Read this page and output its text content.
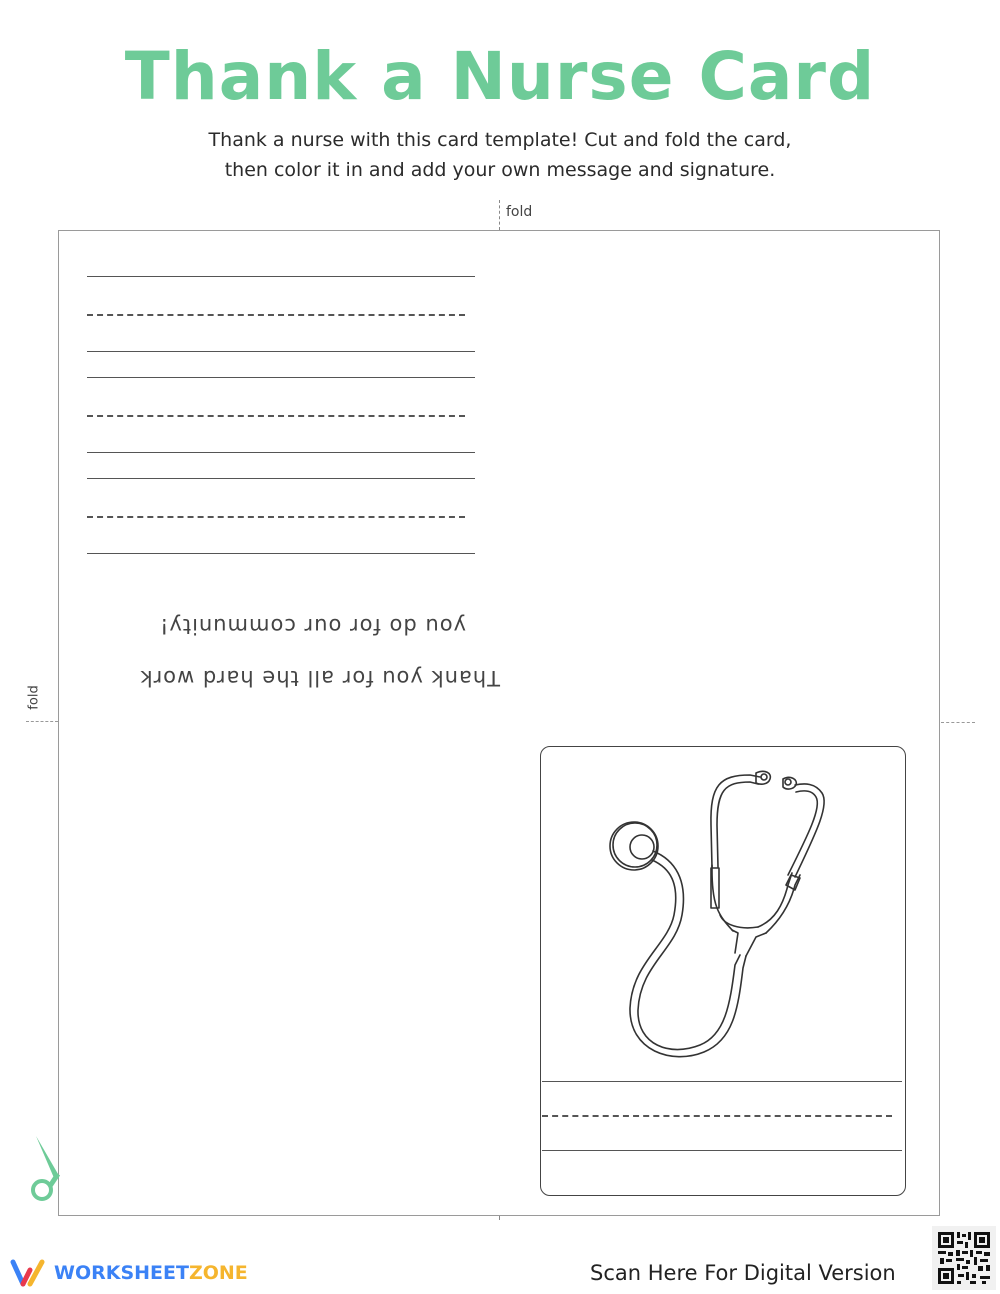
Thank a Nurse Card
Thank a nurse with this card template! Cut and fold the card,
then color it in and add your own message and signature.
fold
fold
Thank you for all the hard work
you do for our community!
WORKSHEETZONE	Scan Here For Digital Version
